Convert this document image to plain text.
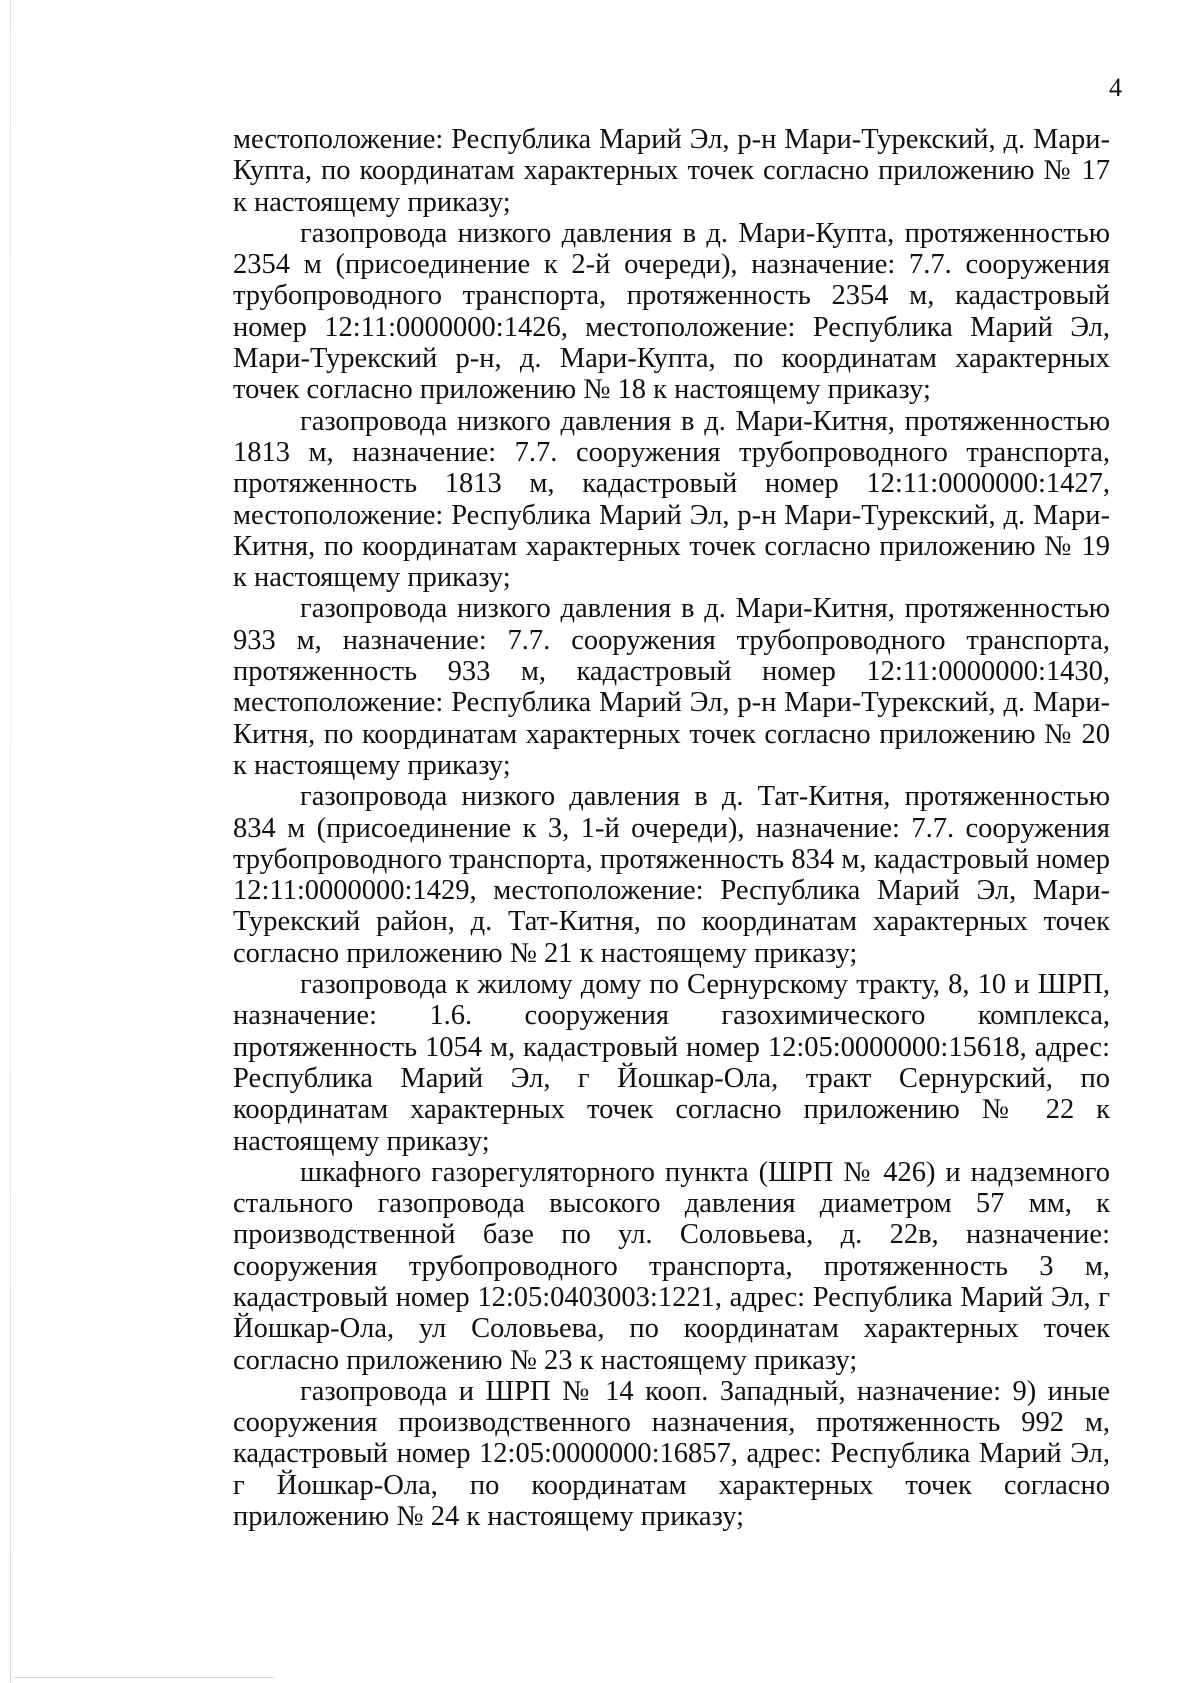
4

местоположение: Республика Марий Эл, р-н Мари-Турекский, д. Мари-Купта, по координатам характерных точек согласно приложению № 17 к настоящему приказу;

газопровода низкого давления в д. Мари-Купта, протяженностью 2354 м (присоединение к 2-й очереди), назначение: 7.7. сооружения трубопроводного транспорта, протяженность 2354 м, кадастровый номер 12:11:0000000:1426, местоположение: Республика Марий Эл, Мари-Турекский р-н, д. Мари-Купта, по координатам характерных точек согласно приложению № 18 к настоящему приказу;

газопровода низкого давления в д. Мари-Китня, протяженностью 1813 м, назначение: 7.7. сооружения трубопроводного транспорта, протяженность 1813 м, кадастровый номер 12:11:0000000:1427, местоположение: Республика Марий Эл, р-н Мари-Турекский, д. Мари-Китня, по координатам характерных точек согласно приложению № 19 к настоящему приказу;

газопровода низкого давления в д. Мари-Китня, протяженностью 933 м, назначение: 7.7. сооружения трубопроводного транспорта, протяженность 933 м, кадастровый номер 12:11:0000000:1430, местоположение: Республика Марий Эл, р-н Мари-Турекский, д. Мари-Китня, по координатам характерных точек согласно приложению № 20 к настоящему приказу;

газопровода низкого давления в д. Тат-Китня, протяженностью 834 м (присоединение к 3, 1-й очереди), назначение: 7.7. сооружения трубопроводного транспорта, протяженность 834 м, кадастровый номер 12:11:0000000:1429, местоположение: Республика Марий Эл, Мари-Турекский район, д. Тат-Китня, по координатам характерных точек согласно приложению № 21 к настоящему приказу;

газопровода к жилому дому по Сернурскому тракту, 8, 10 и ШРП, назначение: 1.6. сооружения газохимического комплекса, протяженность 1054 м, кадастровый номер 12:05:0000000:15618, адрес: Республика Марий Эл, г Йошкар-Ола, тракт Сернурский, по координатам характерных точек согласно приложению № 22 к настоящему приказу;

шкафного газорегуляторного пункта (ШРП № 426) и надземного стального газопровода высокого давления диаметром 57 мм, к производственной базе по ул. Соловьева, д. 22в, назначение: сооружения трубопроводного транспорта, протяженность 3 м, кадастровый номер 12:05:0403003:1221, адрес: Республика Марий Эл, г Йошкар-Ола, ул Соловьева, по координатам характерных точек согласно приложению № 23 к настоящему приказу;

газопровода и ШРП № 14 кооп. Западный, назначение: 9) иные сооружения производственного назначения, протяженность 992 м, кадастровый номер 12:05:0000000:16857, адрес: Республика Марий Эл, г Йошкар-Ола, по координатам характерных точек согласно приложению № 24 к настоящему приказу;
